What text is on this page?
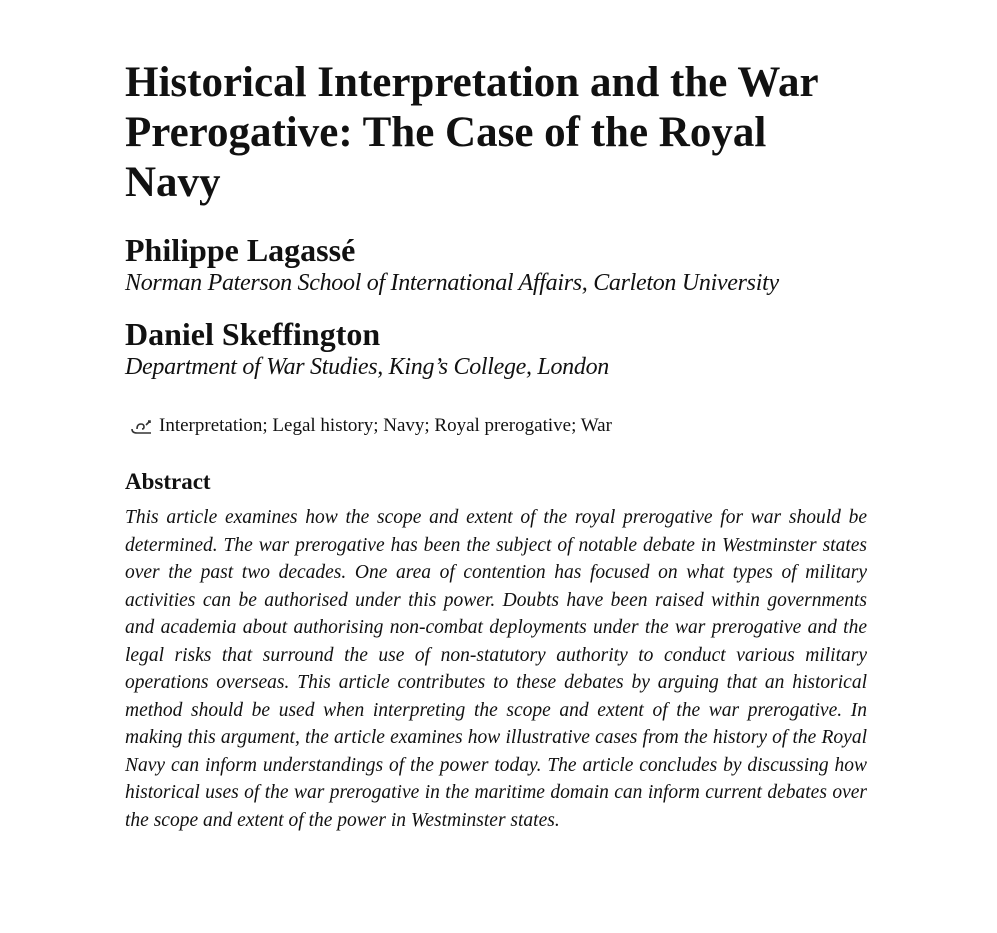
Historical Interpretation and the War Prerogative: The Case of the Royal Navy
Philippe Lagassé
Norman Paterson School of International Affairs, Carleton University
Daniel Skeffington
Department of War Studies, King’s College, London
Interpretation; Legal history; Navy; Royal prerogative; War
Abstract
This article examines how the scope and extent of the royal prerogative for war should be determined. The war prerogative has been the subject of notable debate in Westminster states over the past two decades. One area of contention has focused on what types of military activities can be authorised under this power. Doubts have been raised within governments and academia about authorising non-combat deployments under the war prerogative and the legal risks that surround the use of non-statutory authority to conduct various military operations overseas. This article contributes to these debates by arguing that an historical method should be used when interpreting the scope and extent of the war prerogative. In making this argument, the article examines how illustrative cases from the history of the Royal Navy can inform understandings of the power today. The article concludes by discussing how historical uses of the war prerogative in the maritime domain can inform current debates over the scope and extent of the power in Westminster states.
